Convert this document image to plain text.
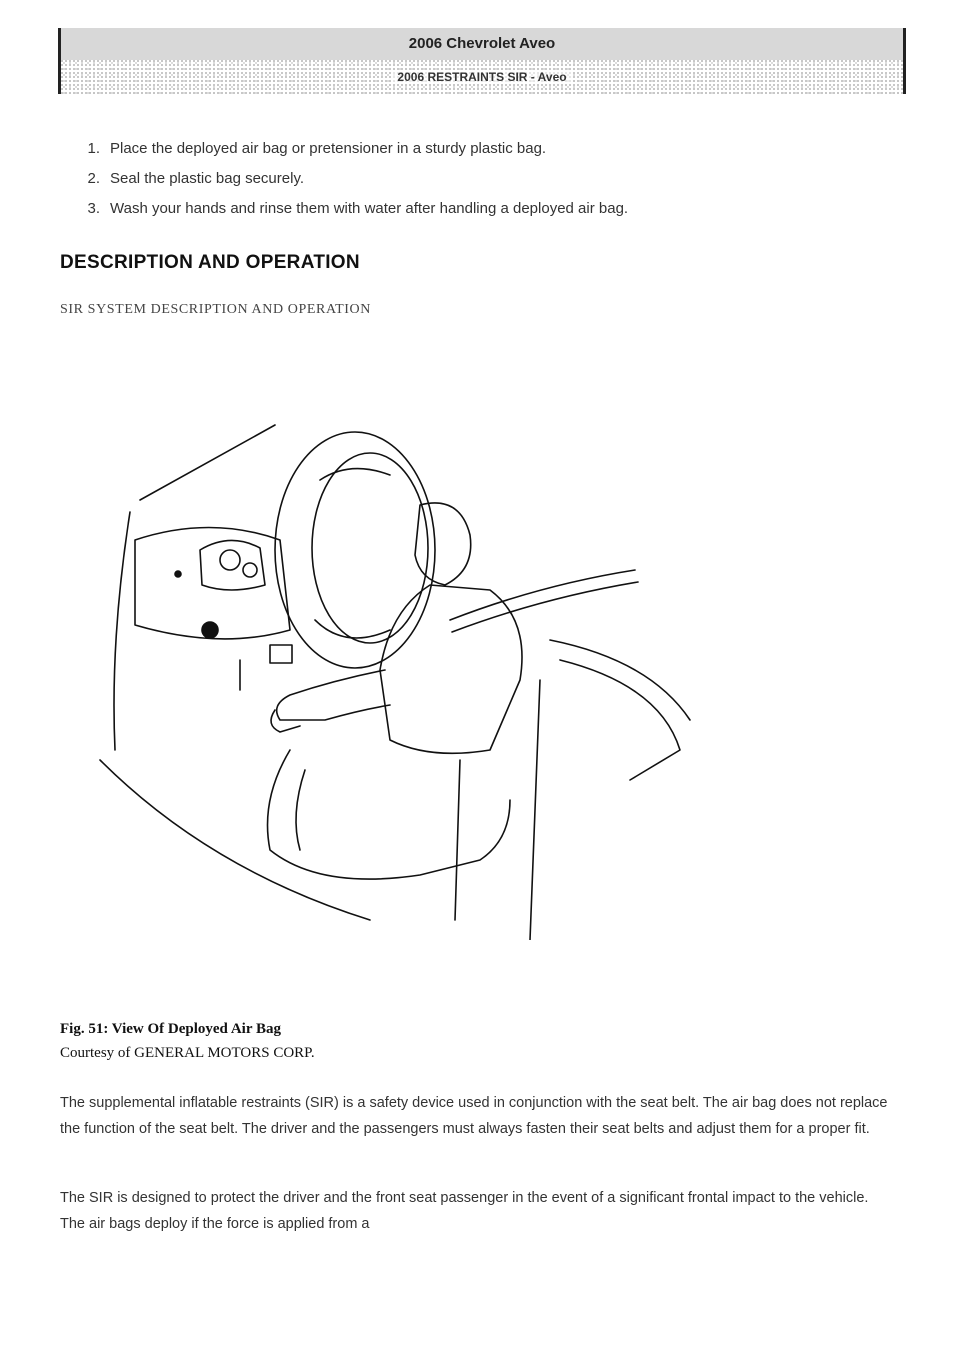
2006 Chevrolet Aveo
2006 RESTRAINTS SIR - Aveo
1. Place the deployed air bag or pretensioner in a sturdy plastic bag.
2. Seal the plastic bag securely.
3. Wash your hands and rinse them with water after handling a deployed air bag.
DESCRIPTION AND OPERATION
SIR SYSTEM DESCRIPTION AND OPERATION
Fig. 51: View Of Deployed Air Bag
Courtesy of GENERAL MOTORS CORP.

The supplemental inflatable restraints (SIR) is a safety device used in conjunction with the seat belt. The air bag does not replace the function of the seat belt. The driver and the passengers must always fasten their seat belts and adjust them for a proper fit.

The SIR is designed to protect the driver and the front seat passenger in the event of a significant frontal impact to the vehicle. The air bags deploy if the force is applied from a
